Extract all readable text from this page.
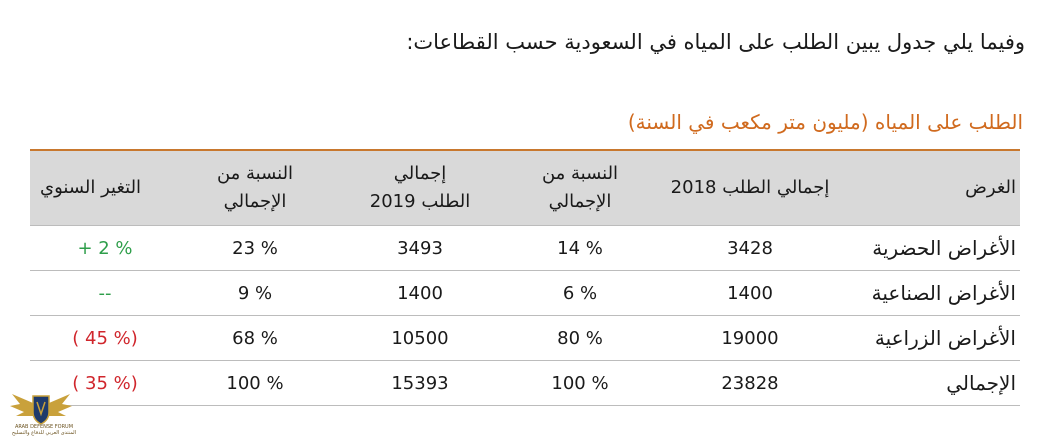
وفيما يلي جدول يبين الطلب على المياه في السعودية حسب القطاعات:
الطلب على المياه (مليون متر مكعب في السنة)
الغرض	إجمالي الطلب 2018	النسبة من الإجمالي	إجمالي الطلب 2019	النسبة من الإجمالي	التغير السنوي
الأغراض الحضرية	3428	14 %	3493	23 %	+ 2 %
الأغراض الصناعية	1400	6 %	1400	9 %	--
الأغراض الزراعية	19000	80 %	10500	68 %	( 45 %)
الإجمالي	23828	100 %	15393	100 %	( 35 %)
ARAB DEFENSE FORUM
المنتدى العربي للدفاع والتسليح
